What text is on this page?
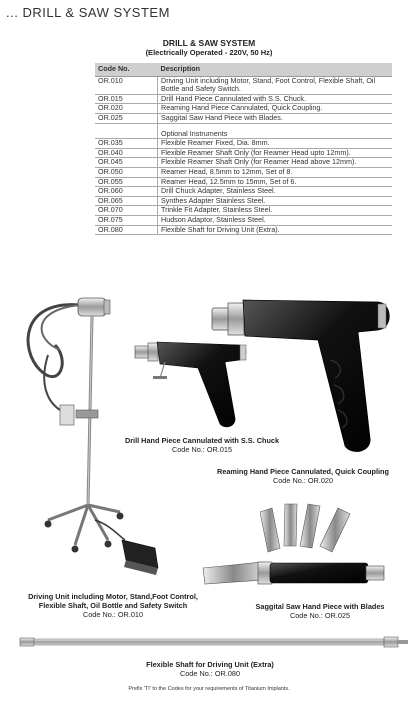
... DRILL & SAW SYSTEM
DRILL & SAW SYSTEM
(Electrically Operated - 220V, 50 Hz)
Code No.	Description
OR.010	Driving Unit including Motor, Stand, Foot Control, Flexible Shaft, Oil Bottle and Safety Switch.
OR.015	Drill Hand Piece Cannulated with S.S. Chuck.
OR.020	Reaming Hand Piece Cannulated, Quick Coupling.
OR.025	Saggital Saw Hand Piece with Blades.
	Optional Instruments
OR.035	Flexible Reamer Fixed, Dia. 8mm.
OR.040	Flexible Reamer Shaft Only (for Reamer Head upto 12mm).
OR.045	Flexible Reamer Shaft Only (for Reamer Head above 12mm).
OR.050	Reamer Head, 8.5mm to 12mm, Set of 8.
OR.055	Reamer Head, 12.5mm to 15mm, Set of 6.
OR.060	Drill Chuck Adapter, Stainless Steel.
OR.065	Synthes Adapter Stainless Steel.
OR.070	Trinkle Fit Adapter, Stainless Steel.
OR.075	Hudson Adaptor, Stainless Steel.
OR.080	Flexible Shaft for Driving Unit (Extra).
Drill Hand Piece Cannulated with S.S. Chuck
Code No.: OR.015
Reaming Hand Piece Cannulated, Quick Coupling
Code No.: OR.020
Driving Unit including Motor, Stand,Foot Control,
Flexible Shaft, Oil Bottle and Safety Switch
Code No.: OR.010
Saggital Saw Hand Piece with Blades
Code No.: OR.025
Flexible Shaft for Driving Unit (Extra)
Code No.: OR.080
Prefix 'TI' to the Codes for your requirements of Titanium Implants.
